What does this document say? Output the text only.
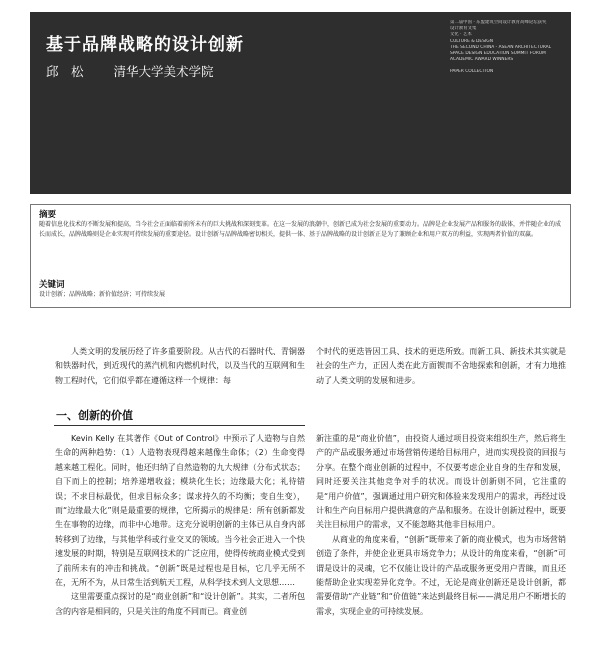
基于品牌战略的设计创新
邱　松 清华大学美术学院
第二届中国 · 东盟建筑空间设计教育高峰论坛获奖
设计教育文集
文化 · 艺术
CULTURE & DESIGN
THE SECOND CHINA - ASEAN ARCHITECTURAL
SPACE DESIGN EDUCATION SUMMIT FORUM
ACADEMIC AWARD WINNERS
PAPER COLLECTION
摘要
随着信息化技术的不断发展和提高，当今社会正面临着前所未有的巨大挑战和深刻变革。在这一发展的浪潮中，创新已成为社会发展的重要动力。品牌是企业发展产品和服务的载体，并伴随企业的成长而成长，品牌战略则是企业实现可持续发展的重要途径。设计创新与品牌战略密切相关，提供一体、基于品牌战略的设计创新正是为了兼顾企业和用户双方的利益，实现两者价值的双赢。
关键词
设计创新；品牌战略；新价值经济；可持续发展

人类文明的发展历经了许多重要阶段。从古代的石器时代、青铜器和铁器时代，到近现代的蒸汽机和内燃机时代，以及当代的互联网和生物工程时代，它们似乎都在遵循这样一个规律：每

个时代的更迭皆因工具、技术的更迭所致。而新工具、新技术其实就是社会的生产力，正因人类在此方面锲而不舍地探索和创新，才有力地推动了人类文明的发展和进步。

一、创新的价值

Kevin Kelly 在其著作《Out of Control》中预示了人造物与自然生命的两种趋势：（1）人造物表现得越来越像生命体；（2）生命变得越来越工程化。同时，他还归纳了自然造物的九大规律（分布式状态；自下而上的控制；培养递增收益；模块化生长；边缘最大化；礼待错误；不求目标最优，但求目标众多；谋求持久的不均衡；变自生变），而“边缘最大化”则是最重要的规律，它所揭示的规律是：所有创新都发生在事物的边缘，而非中心地带。这充分说明创新的主体已从自身内部转移到了边缘，与其他学科或行业交叉的领域。当今社会正进入一个快速发展的时期，特别是互联网技术的广泛应用，使得传统商业模式受到了前所未有的冲击和挑战。“创新”既是过程也是目标，它几乎无所不在，无所不为，从日常生活到航天工程，从科学技术到人文思想……

这里需要重点探讨的是“商业创新”和“设计创新”。其实，二者所包含的内容是相同的，只是关注的角度不同而已。商业创

新注重的是“商业价值”，由投资人通过项目投资来组织生产，然后将生产的产品或服务通过市场营销传递给目标用户，进而实现投资的回报与分享。在整个商业创新的过程中，不仅要考虑企业自身的生存和发展，同时还要关注其他竞争对手的状况。而设计创新则不同，它注重的是“用户价值”，强调通过用户研究和体验来发现用户的需求，再经过设计和生产向目标用户提供满意的产品和服务。在设计创新过程中，既要关注目标用户的需求，又不能忽略其他非目标用户。

从商业的角度来看，“创新”既带来了新的商业模式，也为市场营销创造了条件，并使企业更具市场竞争力；从设计的角度来看，“创新”可谓是设计的灵魂，它不仅能让设计的产品或服务更受用户青睐，而且还能帮助企业实现差异化竞争。不过，无论是商业创新还是设计创新，都需要借助“产业链”和“价值链”来达到最终目标——满足用户不断增长的需求，实现企业的可持续发展。
